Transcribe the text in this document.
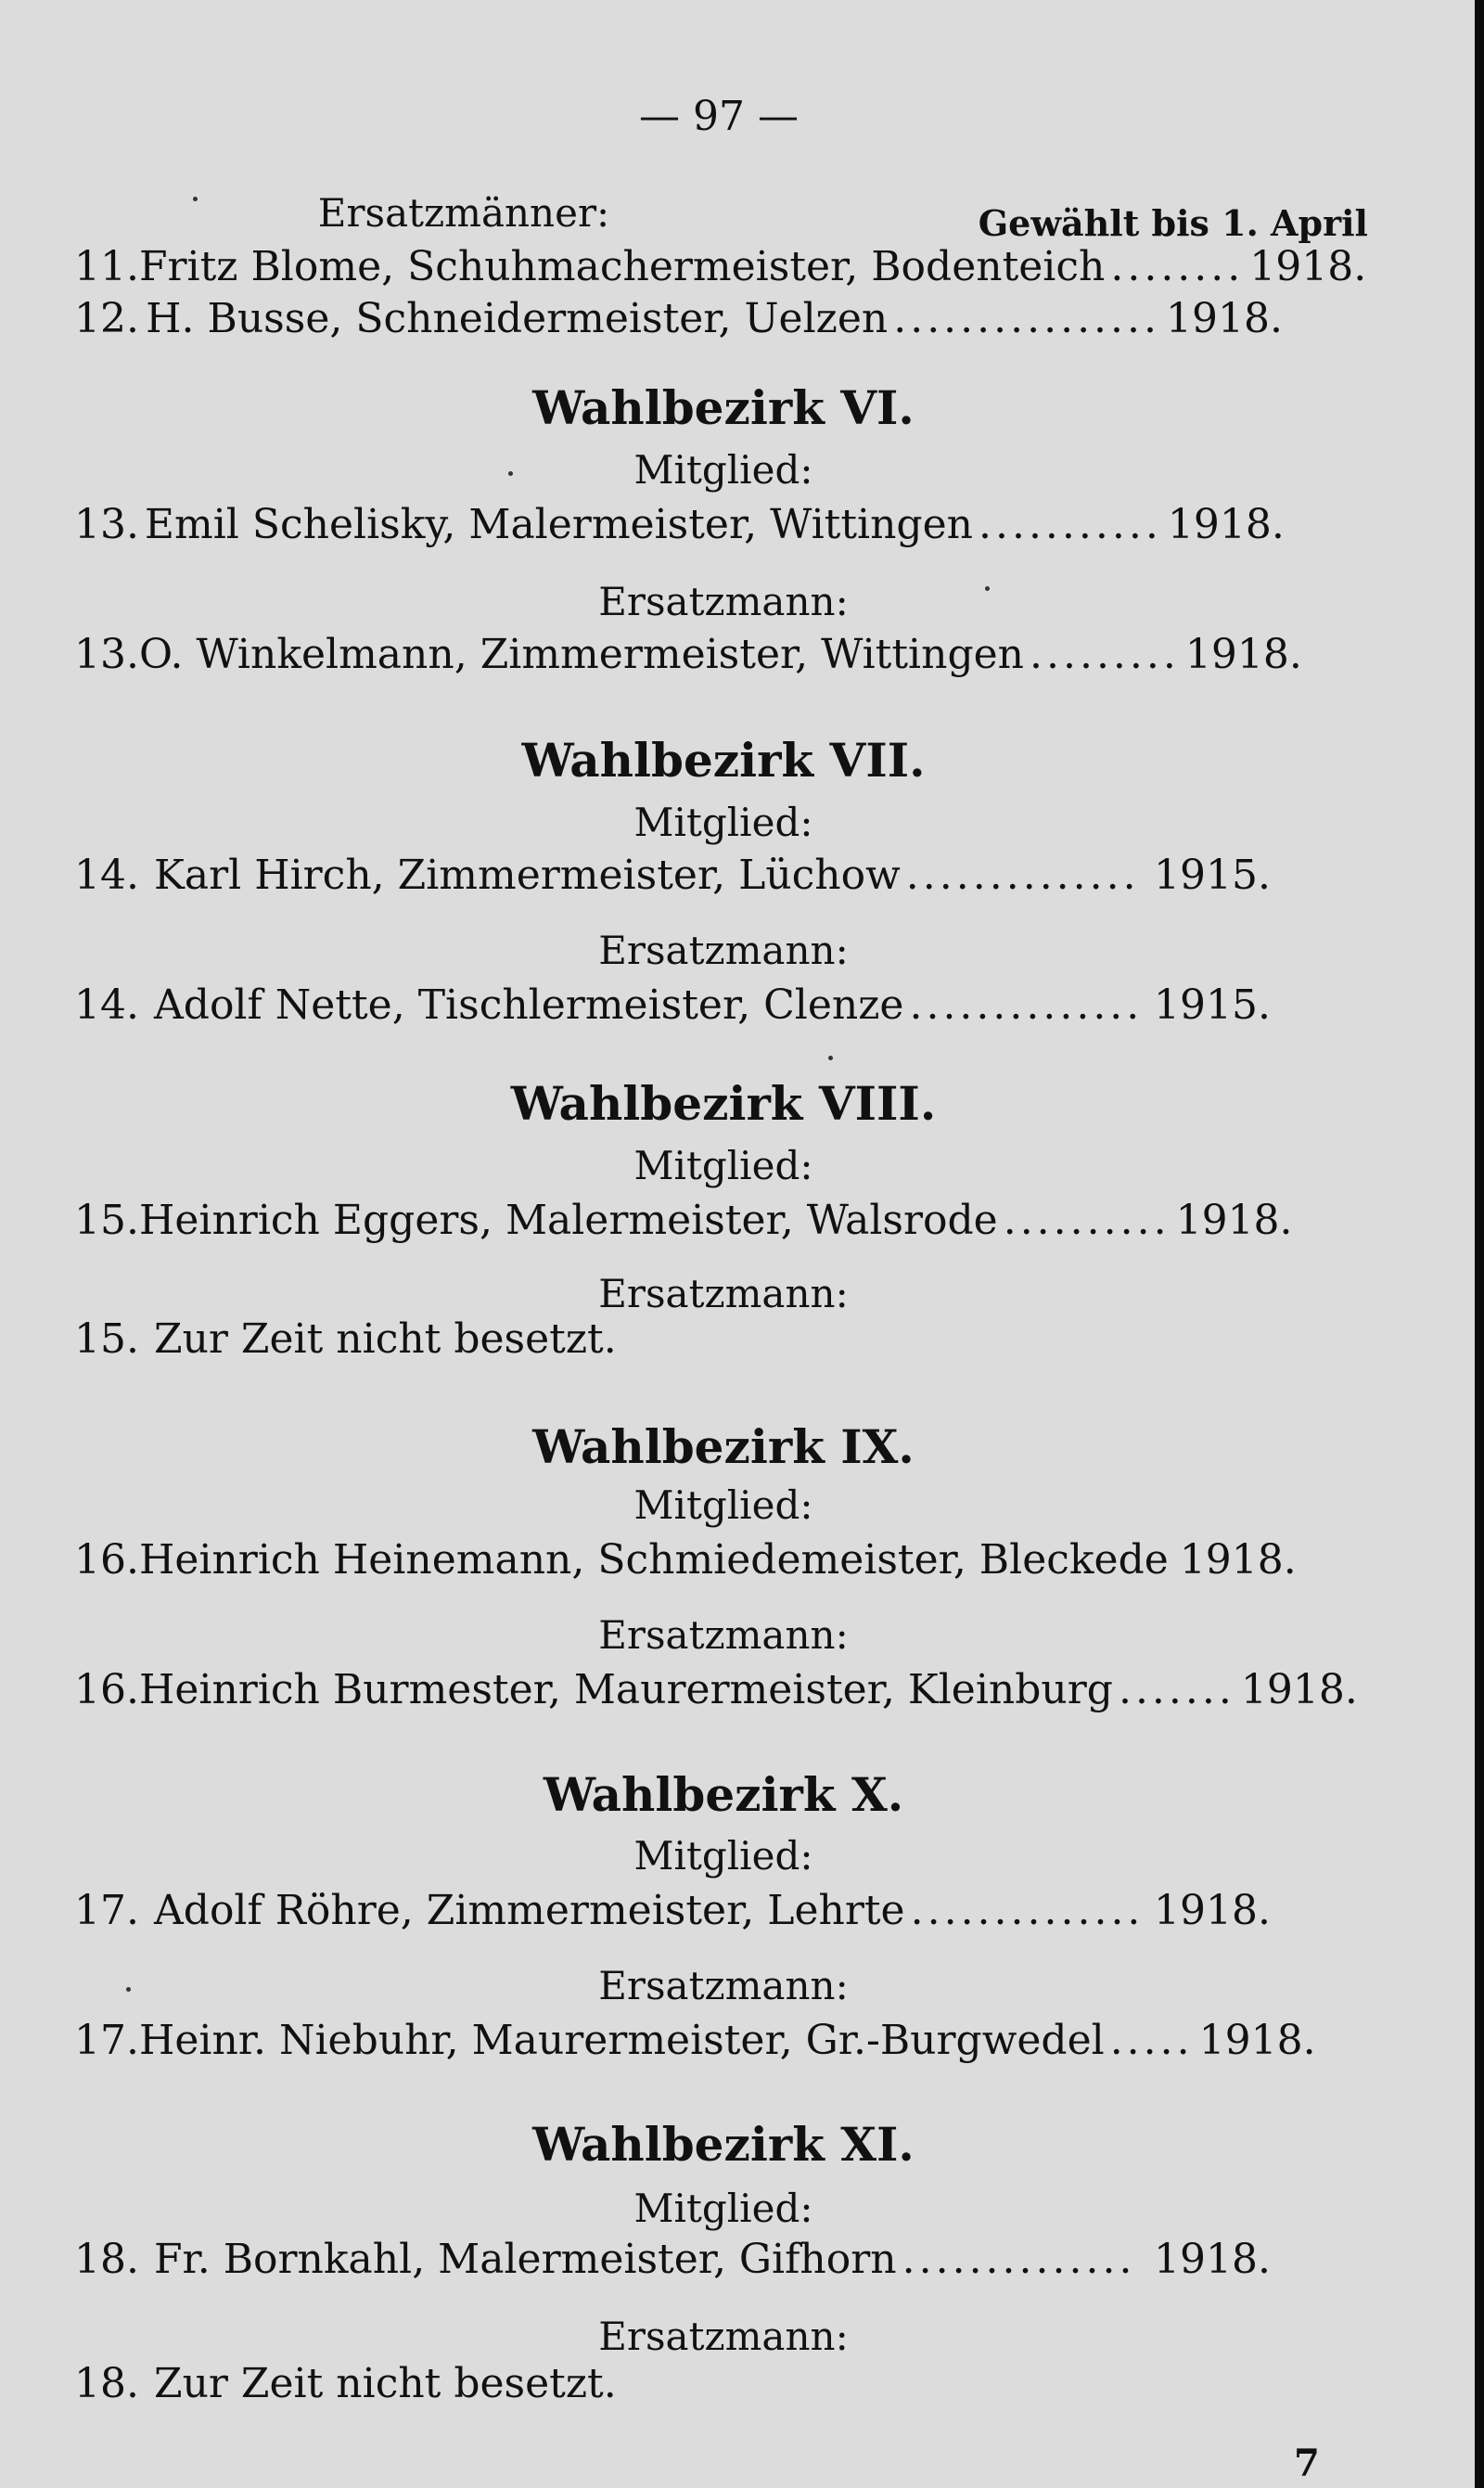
— 97 —
Ersatzmänner:	Gewählt bis 1. April
11. Fritz Blome, Schuhmachermeister, Bodenteich ........ 1918.
12. H. Busse, Schneidermeister, Uelzen ................ 1918.
Wahlbezirk VI.
Mitglied:
13. Emil Schelisky, Malermeister, Wittingen ........... 1918.
Ersatzmann:
13. O. Winkelmann, Zimmermeister, Wittingen ......... 1918.
Wahlbezirk VII.
Mitglied:
14. Karl Hirch, Zimmermeister, Lüchow .............. 1915.
Ersatzmann:
14. Adolf Nette, Tischlermeister, Clenze .............. 1915.
Wahlbezirk VIII.
Mitglied:
15. Heinrich Eggers, Malermeister, Walsrode .......... 1918.
Ersatzmann:
15. Zur Zeit nicht besetzt.
Wahlbezirk IX.
Mitglied:
16. Heinrich Heinemann, Schmiedemeister, Bleckede 1918.
Ersatzmann:
16. Heinrich Burmester, Maurermeister, Kleinburg ....... 1918.
Wahlbezirk X.
Mitglied:
17. Adolf Röhre, Zimmermeister, Lehrte .............. 1918.
Ersatzmann:
17. Heinr. Niebuhr, Maurermeister, Gr.-Burgwedel ..... 1918.
Wahlbezirk XI.
Mitglied:
18. Fr. Bornkahl, Malermeister, Gifhorn .............. 1918.
Ersatzmann:
18. Zur Zeit nicht besetzt.
7
